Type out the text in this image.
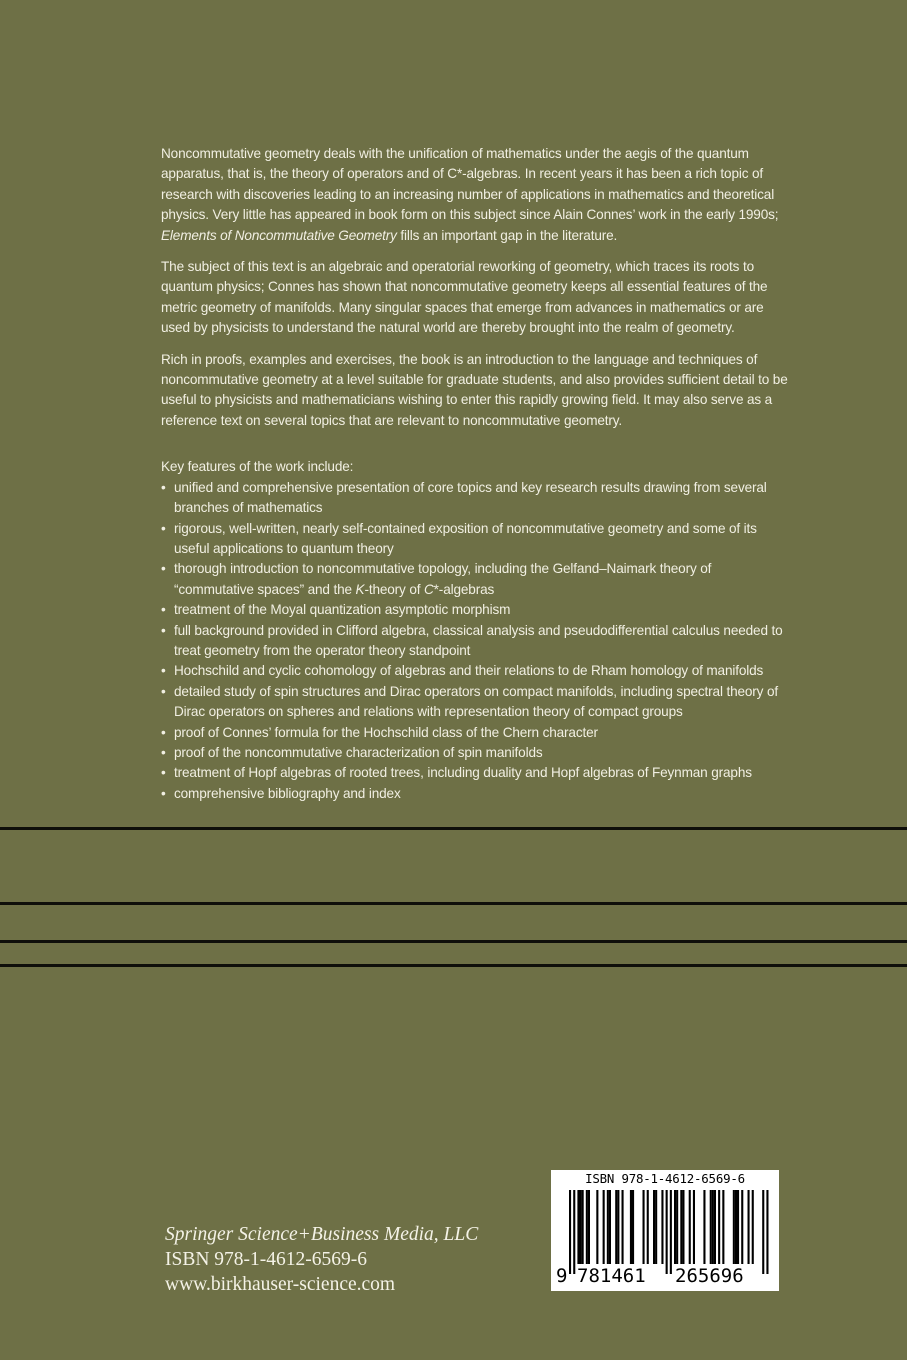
Noncommutative geometry deals with the unification of mathematics under the aegis of the quantum apparatus, that is, the theory of operators and of C*-algebras. In recent years it has been a rich topic of research with discoveries leading to an increasing number of applications in mathematics and theoretical physics. Very little has appeared in book form on this subject since Alain Connes’ work in the early 1990s; Elements of Noncommutative Geometry fills an important gap in the literature.

The subject of this text is an algebraic and operatorial reworking of geometry, which traces its roots to quantum physics; Connes has shown that noncommutative geometry keeps all essential features of the metric geometry of manifolds. Many singular spaces that emerge from advances in mathematics or are used by physicists to understand the natural world are thereby brought into the realm of geometry.

Rich in proofs, examples and exercises, the book is an introduction to the language and techniques of noncommutative geometry at a level suitable for graduate students, and also provides sufficient detail to be useful to physicists and mathematicians wishing to enter this rapidly growing field. It may also serve as a reference text on several topics that are relevant to noncommutative geometry.

Key features of the work include:
• unified and comprehensive presentation of core topics and key research results drawing from several branches of mathematics
• rigorous, well-written, nearly self-contained exposition of noncommutative geometry and some of its useful applications to quantum theory
• thorough introduction to noncommutative topology, including the Gelfand–Naimark theory of “commutative spaces” and the K-theory of C*-algebras
• treatment of the Moyal quantization asymptotic morphism
• full background provided in Clifford algebra, classical analysis and pseudodifferential calculus needed to treat geometry from the operator theory standpoint
• Hochschild and cyclic cohomology of algebras and their relations to de Rham homology of manifolds
• detailed study of spin structures and Dirac operators on compact manifolds, including spectral theory of Dirac operators on spheres and relations with representation theory of compact groups
• proof of Connes’ formula for the Hochschild class of the Chern character
• proof of the noncommutative characterization of spin manifolds
• treatment of Hopf algebras of rooted trees, including duality and Hopf algebras of Feynman graphs
• comprehensive bibliography and index
Springer Science+Business Media, LLC
ISBN 978-1-4612-6569-6
www.birkhauser-science.com
ISBN 978-1-4612-6569-6
9 781461 265696
